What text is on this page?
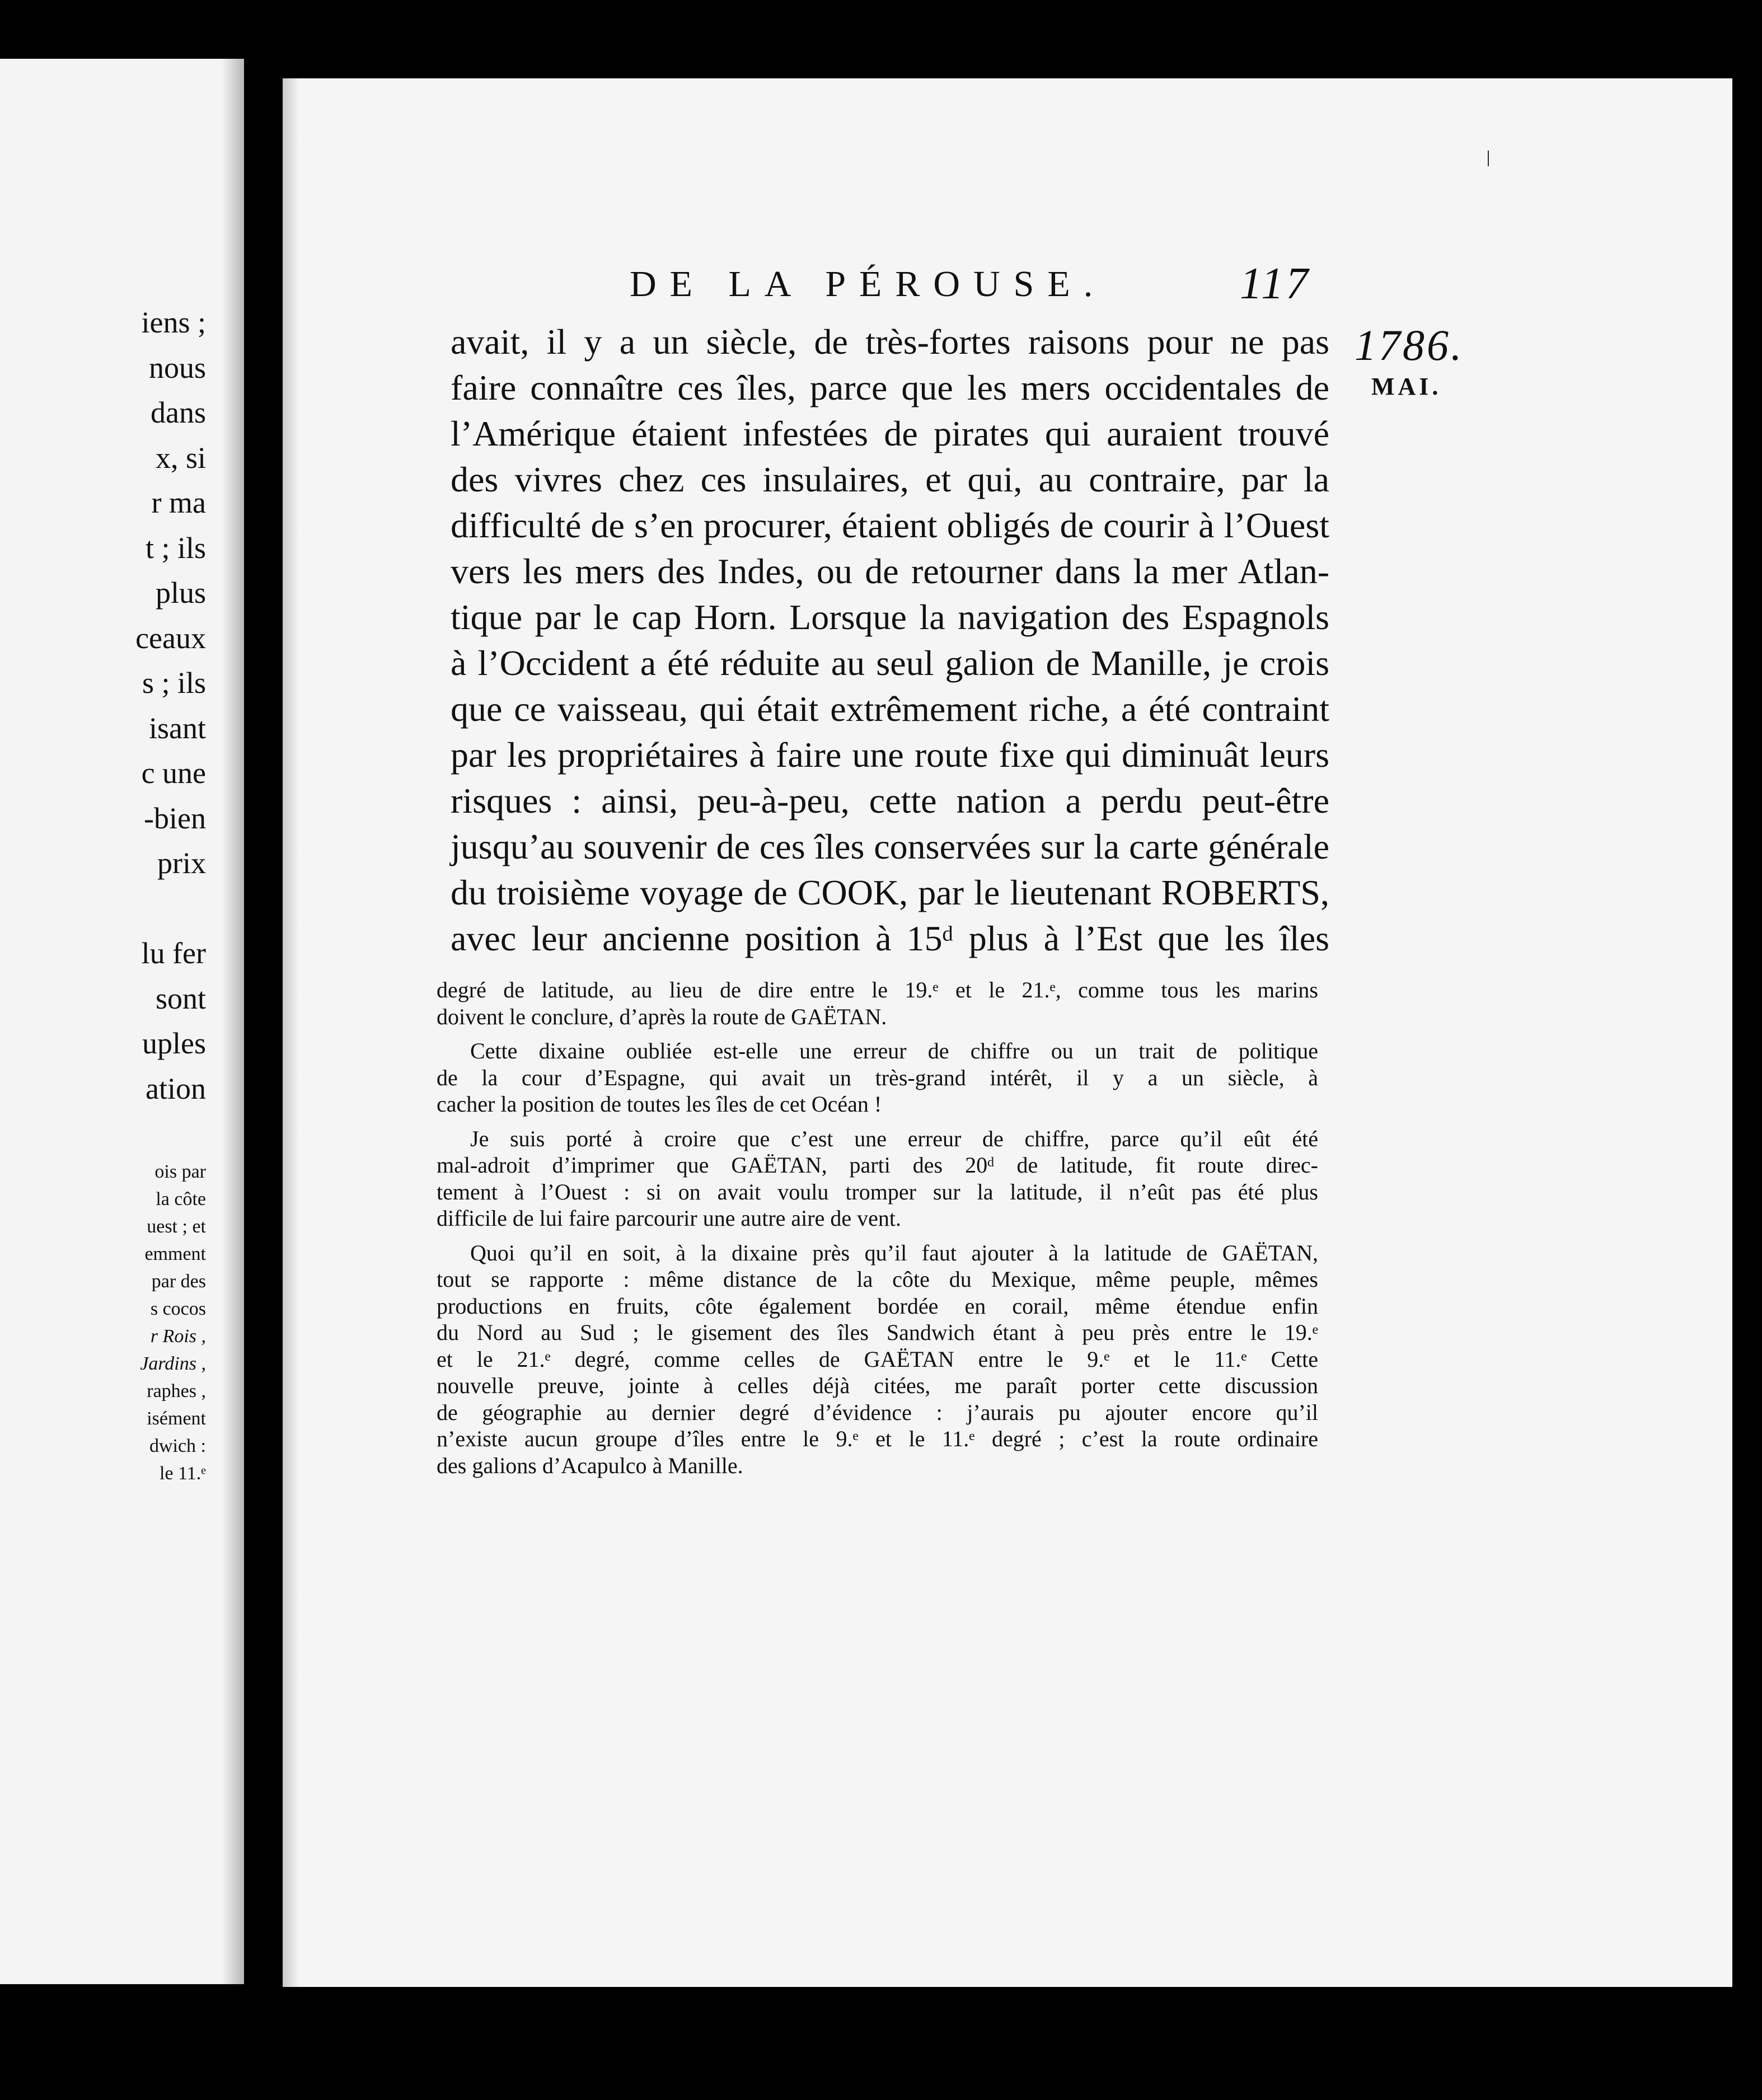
iens ;
nous
dans
x, si
r ma
t ; ils
plus
ceaux
s ; ils
isant
c une
-bien
prix
lu fer
sont
uples
ation
ois par
la côte
uest ; et
emment
par des
s cocos
r Rois ,
Jardins ,
raphes ,
isément
dwich :
le 11.ᵉ
DE LA PÉROUSE.	117
1786.
MAI.
avait, il y a un siècle, de très-fortes raisons pour ne pas
faire connaître ces îles, parce que les mers occidentales de
l’Amérique étaient infestées de pirates qui auraient trouvé
des vivres chez ces insulaires, et qui, au contraire, par la
difficulté de s’en procurer, étaient obligés de courir à l’Ouest
vers les mers des Indes, ou de retourner dans la mer Atlan-
tique par le cap Horn. Lorsque la navigation des Espagnols
à l’Occident a été réduite au seul galion de Manille, je crois
que ce vaisseau, qui était extrêmement riche, a été contraint
par les propriétaires à faire une route fixe qui diminuât leurs
risques : ainsi, peu-à-peu, cette nation a perdu peut-être
jusqu’au souvenir de ces îles conservées sur la carte générale
du troisième voyage de COOK, par le lieutenant ROBERTS,
avec leur ancienne position à 15ᵈ plus à l’Est que les îles
degré de latitude, au lieu de dire entre le 19.ᵉ et le 21.ᵉ, comme tous les marins
doivent le conclure, d’après la route de GAËTAN.
Cette dixaine oubliée est-elle une erreur de chiffre ou un trait de politique
de la cour d’Espagne, qui avait un très-grand intérêt, il y a un siècle, à
cacher la position de toutes les îles de cet Océan !
Je suis porté à croire que c’est une erreur de chiffre, parce qu’il eût été
mal-adroit d’imprimer que GAËTAN, parti des 20ᵈ de latitude, fit route direc-
tement à l’Ouest : si on avait voulu tromper sur la latitude, il n’eût pas été plus
difficile de lui faire parcourir une autre aire de vent.
Quoi qu’il en soit, à la dixaine près qu’il faut ajouter à la latitude de GAËTAN,
tout se rapporte : même distance de la côte du Mexique, même peuple, mêmes
productions en fruits, côte également bordée en corail, même étendue enfin
du Nord au Sud ; le gisement des îles Sandwich étant à peu près entre le 19.ᵉ
et le 21.ᵉ degré, comme celles de GAËTAN entre le 9.ᵉ et le 11.ᵉ Cette
nouvelle preuve, jointe à celles déjà citées, me paraît porter cette discussion
de géographie au dernier degré d’évidence : j’aurais pu ajouter encore qu’il
n’existe aucun groupe d’îles entre le 9.ᵉ et le 11.ᵉ degré ; c’est la route ordinaire
des galions d’Acapulco à Manille.
ǀ
